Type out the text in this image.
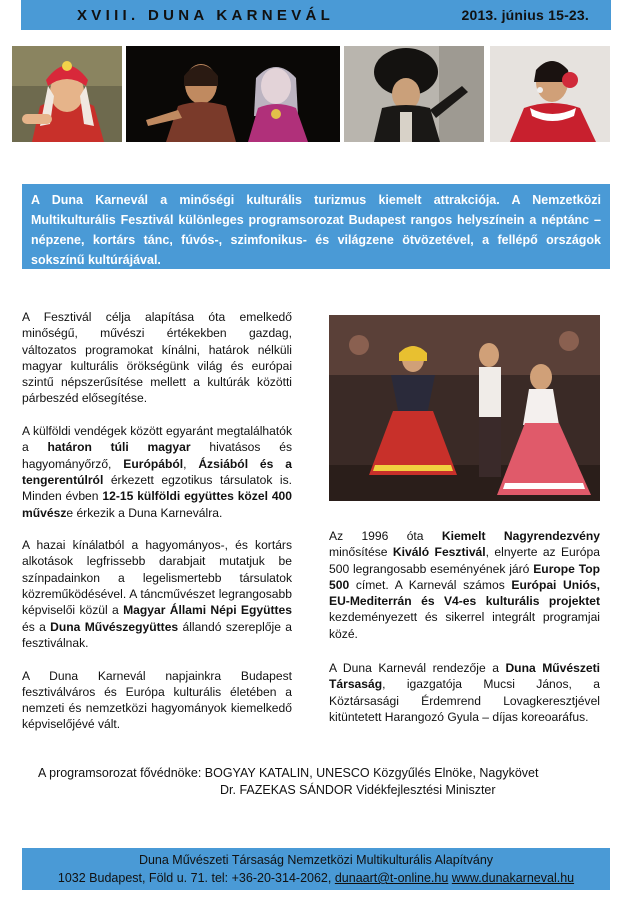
XVIII. DUNA KARNEVÁL	2013. június 15-23.
A Duna Karnevál a minőségi kulturális turizmus kiemelt attrakciója. A Nemzetközi Multikulturális Fesztivál különleges programsorozat Budapest rangos helyszínein a néptánc – népzene, kortárs tánc, fúvós-, szimfonikus- és világzene ötvözetével, a fellépő országok sokszínű kultúrájával.

A Fesztivál célja alapítása óta emelkedő minőségű, művészi értékekben gazdag, változatos programokat kínálni, határok nélküli magyar kulturális örökségünk világ és európai szintű népszerűsítése mellett a kultúrák közötti párbeszéd elősegítése.

A külföldi vendégek között egyaránt megtalálhatók a határon túli magyar hivatásos és hagyományőrző, Európából, Ázsiából és a tengerentúlról érkezett egzotikus társulatok is. Minden évben 12-15 külföldi együttes közel 400 művésze érkezik a Duna Karneválra.

A hazai kínálatból a hagyományos-, és kortárs alkotások legfrissebb darabjait mutatjuk be színpadainkon a legelismertebb társulatok közreműködésével. A táncművészet legrangosabb képviselői közül a Magyar Állami Népi Együttes és a Duna Művészegyüttes állandó szereplője a fesztiválnak.

A Duna Karnevál napjainkra Budapest fesztiválváros és Európa kulturális életében a nemzeti és nemzetközi hagyományok kiemelkedő képviselőjévé vált.

Az 1996 óta Kiemelt Nagyrendezvény minősítése Kiváló Fesztivál, elnyerte az Európa 500 legrangosabb eseményének járó Europe Top 500 címet. A Karnevál számos Európai Uniós, EU-Mediterrán és V4-es kulturális projektet kezdeményezett és sikerrel integrált programjai közé.

A Duna Karnevál rendezője a Duna Művészeti Társaság, igazgatója Mucsi János, a Köztársasági Érdemrend Lovagkeresztjével kitüntetett Harangozó Gyula – díjas koreoaráfus.

A programsorozat fővédnöke: BOGYAY KATALIN, UNESCO Közgyűlés Elnöke, Nagykövet
Dr. FAZEKAS SÁNDOR Vidékfejlesztési Miniszter
Duna Művészeti Társaság Nemzetközi Multikulturális Alapítvány
1032 Budapest, Föld u. 71. tel: +36-20-314-2062, dunaart@t-online.hu www.dunakarneval.hu
